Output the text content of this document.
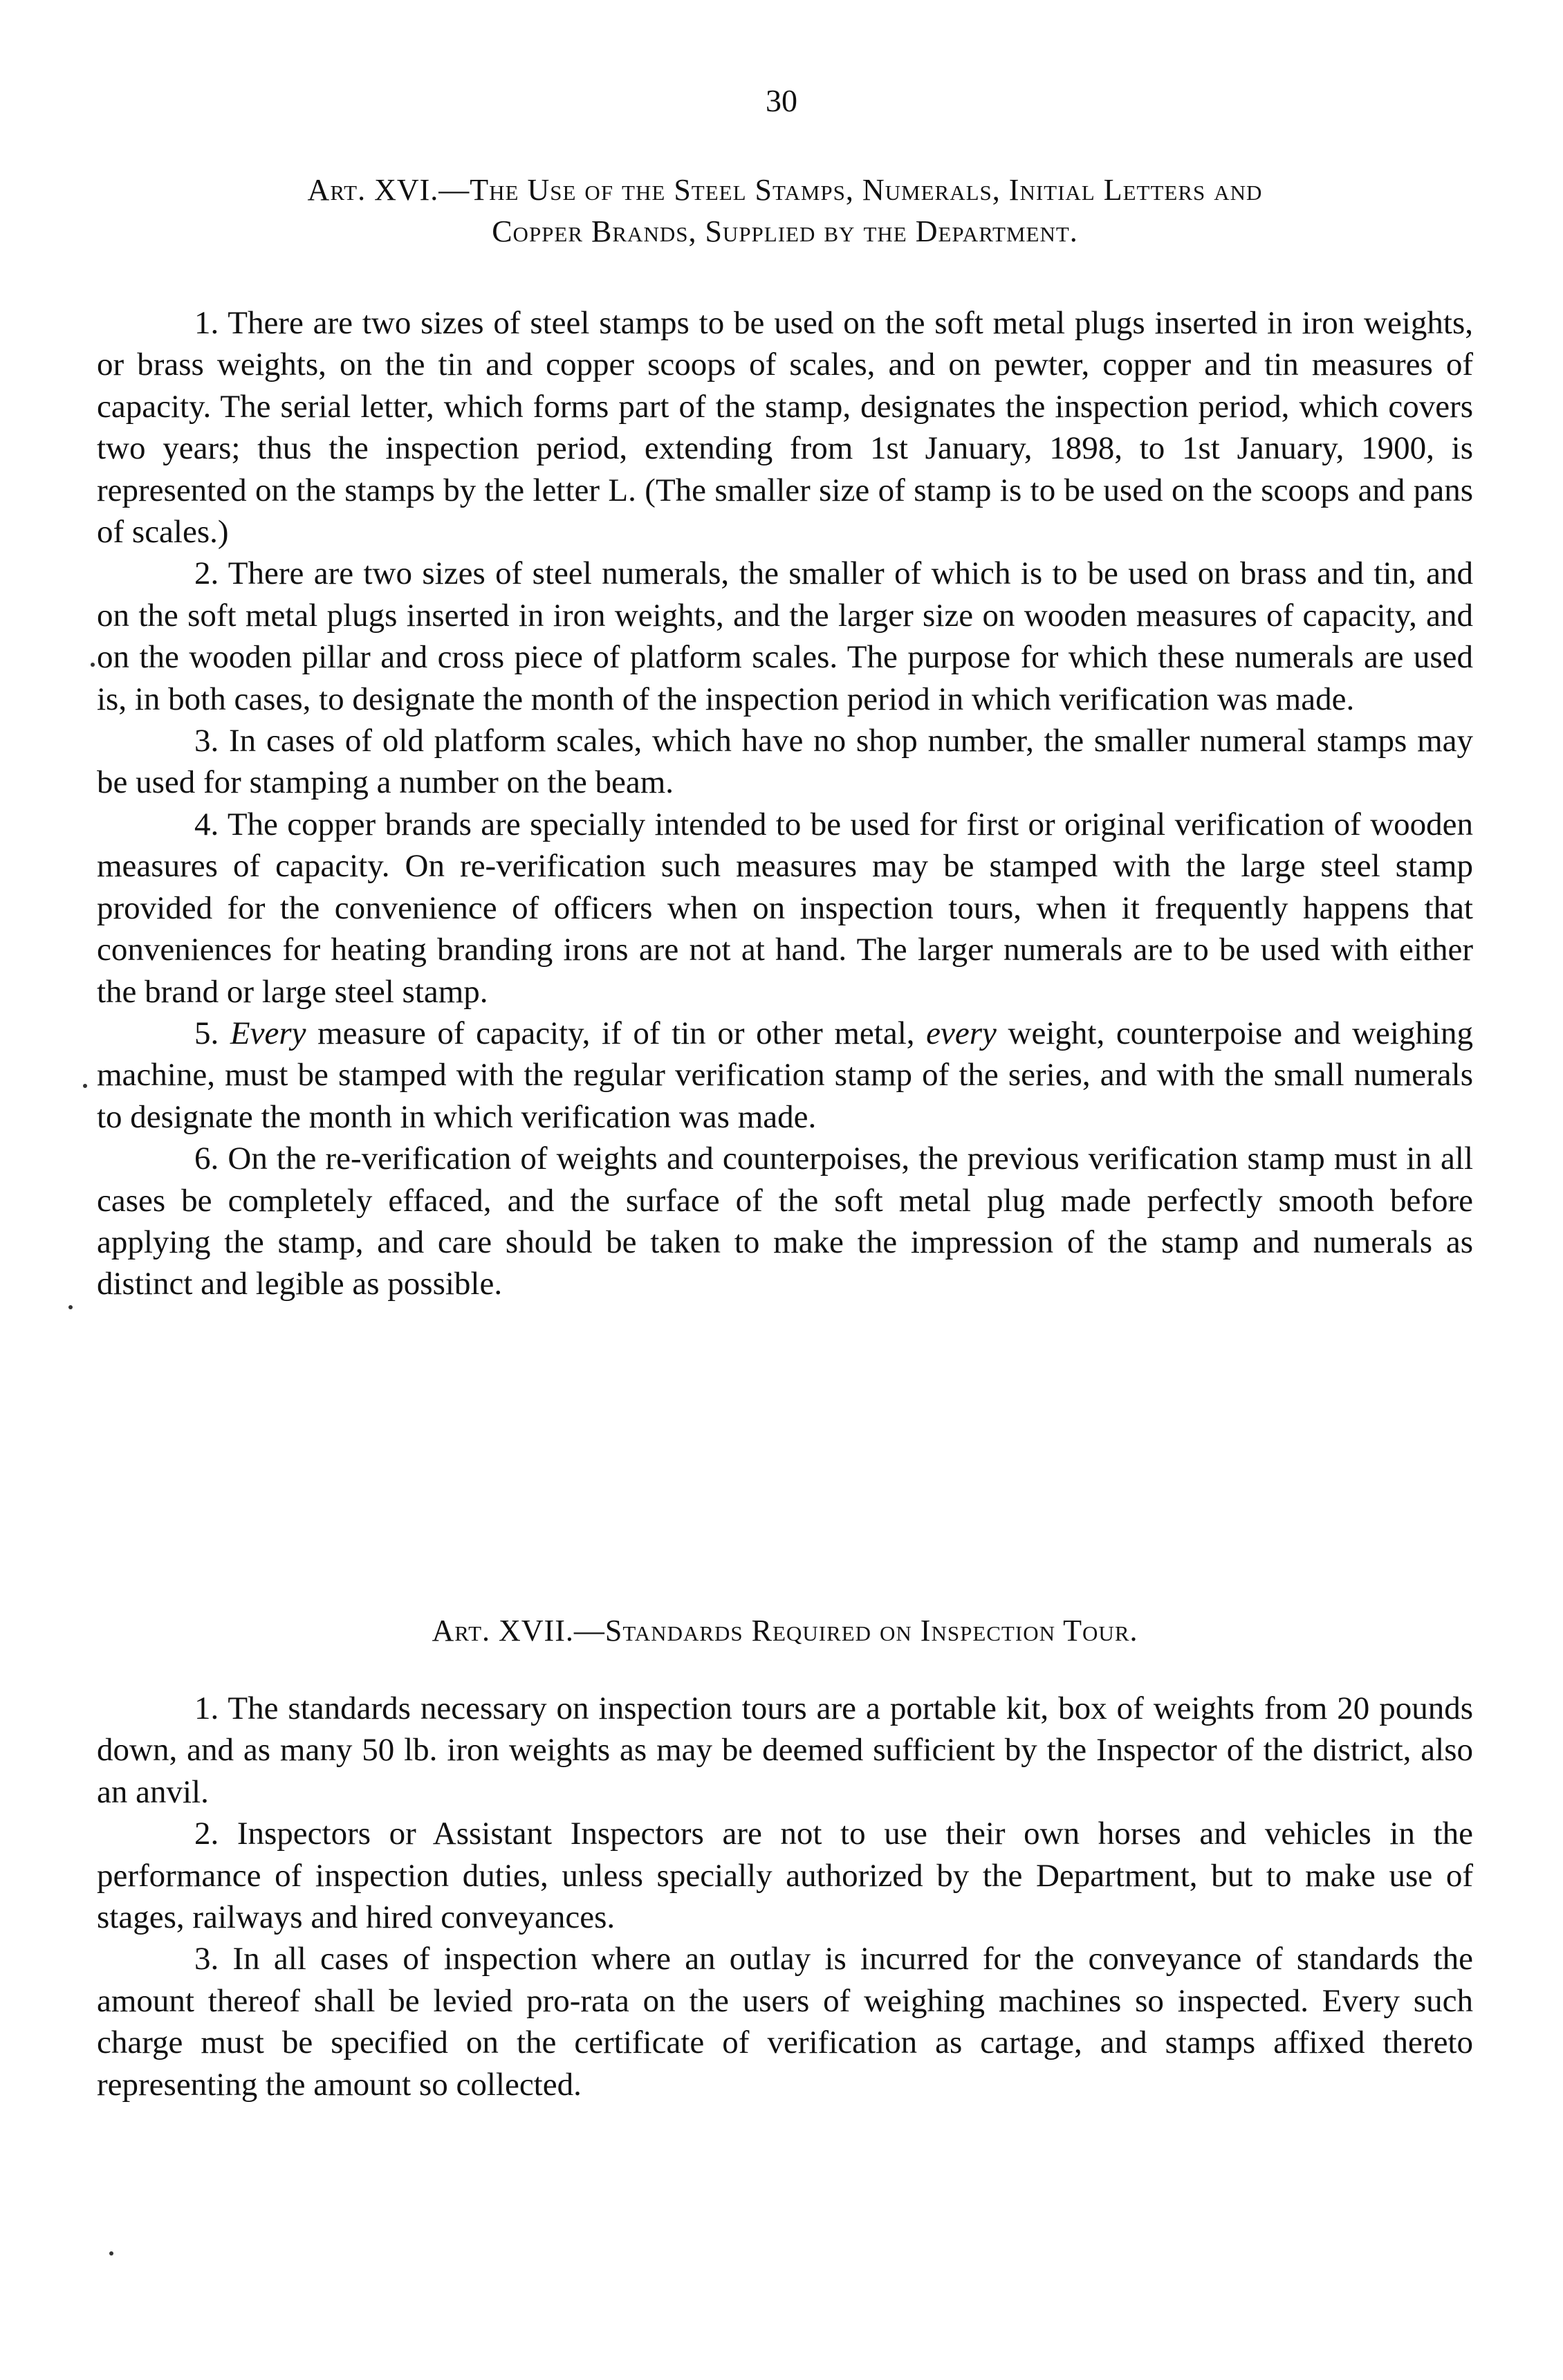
30
Art. XVI.—The Use of the Steel Stamps, Numerals, Initial Letters and
Copper Brands, Supplied by the Department.

1. There are two sizes of steel stamps to be used on the soft metal plugs inserted in iron weights, or brass weights, on the tin and copper scoops of scales, and on pewter, copper and tin measures of capacity. The serial letter, which forms part of the stamp, designates the inspection period, which covers two years; thus the inspection period, extending from 1st January, 1898, to 1st January, 1900, is represented on the stamps by the letter L. (The smaller size of stamp is to be used on the scoops and pans of scales.)

2. There are two sizes of steel numerals, the smaller of which is to be used on brass and tin, and on the soft metal plugs inserted in iron weights, and the larger size on wooden measures of capacity, and on the wooden pillar and cross piece of platform scales. The purpose for which these numerals are used is, in both cases, to designate the month of the inspection period in which verification was made.

3. In cases of old platform scales, which have no shop number, the smaller numeral stamps may be used for stamping a number on the beam.

4. The copper brands are specially intended to be used for first or original verification of wooden measures of capacity. On re-verification such measures may be stamped with the large steel stamp provided for the convenience of officers when on inspection tours, when it frequently happens that conveniences for heating branding irons are not at hand. The larger numerals are to be used with either the brand or large steel stamp.

5. Every measure of capacity, if of tin or other metal, every weight, counterpoise and weighing machine, must be stamped with the regular verification stamp of the series, and with the small numerals to designate the month in which verification was made.

6. On the re-verification of weights and counterpoises, the previous verification stamp must in all cases be completely effaced, and the surface of the soft metal plug made perfectly smooth before applying the stamp, and care should be taken to make the impression of the stamp and numerals as distinct and legible as possible.

Art. XVII.—Standards Required on Inspection Tour.

1. The standards necessary on inspection tours are a portable kit, box of weights from 20 pounds down, and as many 50 lb. iron weights as may be deemed sufficient by the Inspector of the district, also an anvil.

2. Inspectors or Assistant Inspectors are not to use their own horses and vehicles in the performance of inspection duties, unless specially authorized by the Department, but to make use of stages, railways and hired conveyances.

3. In all cases of inspection where an outlay is incurred for the conveyance of standards the amount thereof shall be levied pro-rata on the users of weighing machines so inspected. Every such charge must be specified on the certificate of verification as cartage, and stamps affixed thereto representing the amount so collected.
